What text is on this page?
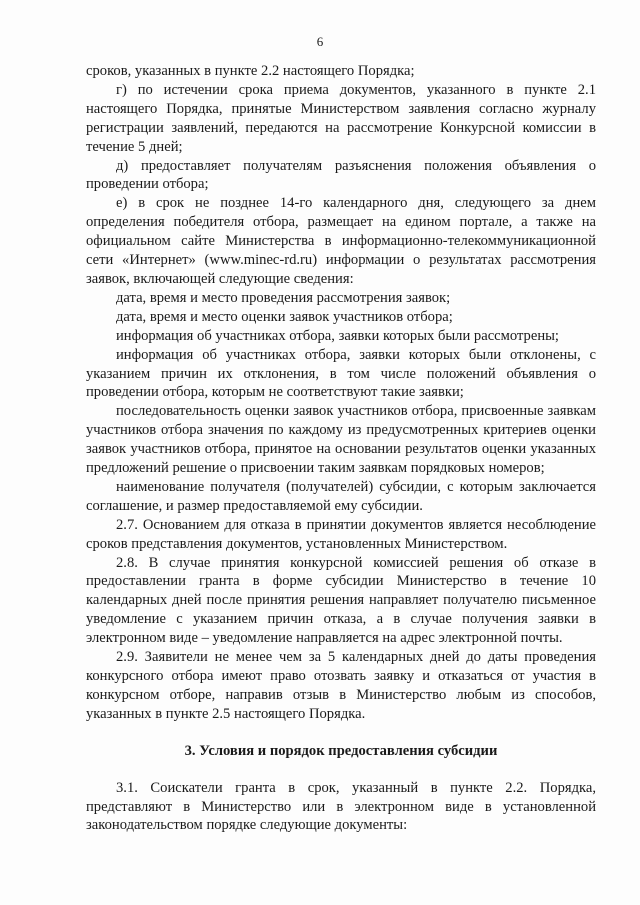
6

сроков, указанных в пункте 2.2 настоящего Порядка;

г) по истечении срока приема документов, указанного в пункте 2.1 настоящего Порядка, принятые Министерством заявления согласно журналу регистрации заявлений, передаются на рассмотрение Конкурсной комиссии в течение 5 дней;

д) предоставляет получателям разъяснения положения объявления о проведении отбора;

е) в срок не позднее 14-го календарного дня, следующего за днем определения победителя отбора, размещает на едином портале, а также на официальном сайте Министерства в информационно-телекоммуникационной сети «Интернет» (www.minec-rd.ru) информации о результатах рассмотрения заявок, включающей следующие сведения:

дата, время и место проведения рассмотрения заявок;

дата, время и место оценки заявок участников отбора;

информация об участниках отбора, заявки которых были рассмотрены;

информация об участниках отбора, заявки которых были отклонены, с указанием причин их отклонения, в том числе положений объявления о проведении отбора, которым не соответствуют такие заявки;

последовательность оценки заявок участников отбора, присвоенные заявкам участников отбора значения по каждому из предусмотренных критериев оценки заявок участников отбора, принятое на основании результатов оценки указанных предложений решение о присвоении таким заявкам порядковых номеров;

наименование получателя (получателей) субсидии, с которым заключается соглашение, и размер предоставляемой ему субсидии.

2.7. Основанием для отказа в принятии документов является несоблюдение сроков представления документов, установленных Министерством.

2.8. В случае принятия конкурсной комиссией решения об отказе в предоставлении гранта в форме субсидии Министерство в течение 10 календарных дней после принятия решения направляет получателю письменное уведомление с указанием причин отказа, а в случае получения заявки в электронном виде – уведомление направляется на адрес электронной почты.

2.9. Заявители не менее чем за 5 календарных дней до даты проведения конкурсного отбора имеют право отозвать заявку и отказаться от участия в конкурсном отборе, направив отзыв в Министерство любым из способов, указанных в пункте 2.5 настоящего Порядка.

3. Условия и порядок предоставления субсидии

3.1. Соискатели гранта в срок, указанный в пункте 2.2. Порядка, представляют в Министерство или в электронном виде в установленной законодательством порядке следующие документы:
